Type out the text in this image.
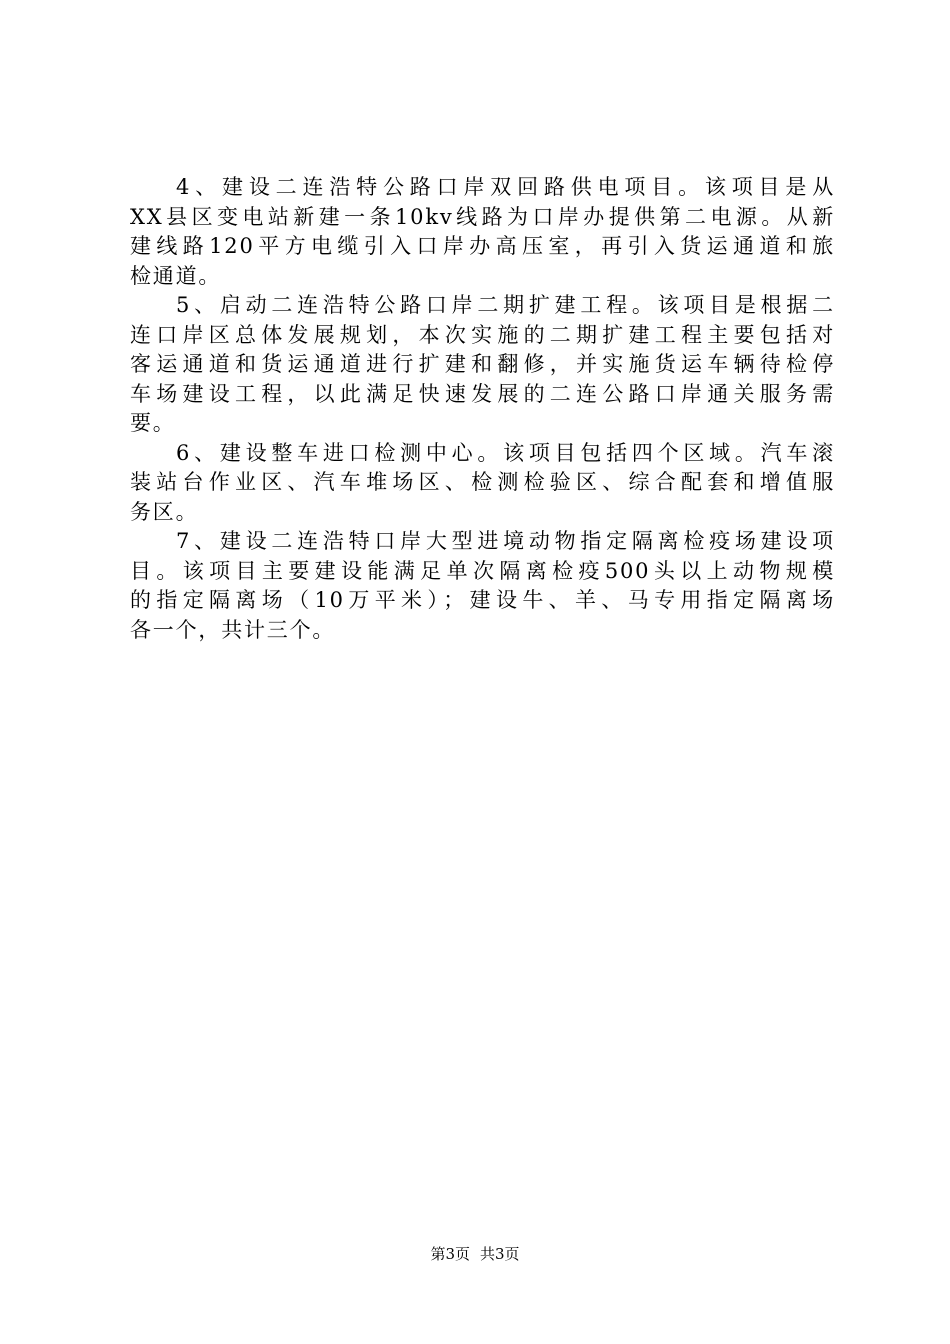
4、建设二连浩特公路口岸双回路供电项目。该项目是从
XX县区变电站新建一条10kv线路为口岸办提供第二电源。从新
建线路120平方电缆引入口岸办高压室，再引入货运通道和旅
检通道。
5、启动二连浩特公路口岸二期扩建工程。该项目是根据二
连口岸区总体发展规划，本次实施的二期扩建工程主要包括对
客运通道和货运通道进行扩建和翻修，并实施货运车辆待检停
车场建设工程，以此满足快速发展的二连公路口岸通关服务需
要。
6、建设整车进口检测中心。该项目包括四个区域。汽车滚
装站台作业区、汽车堆场区、检测检验区、综合配套和增值服
务区。
7、建设二连浩特口岸大型进境动物指定隔离检疫场建设项
目。该项目主要建设能满足单次隔离检疫500头以上动物规模
的指定隔离场（10万平米）；建设牛、羊、马专用指定隔离场
各一个，共计三个。
第3页 共3页
